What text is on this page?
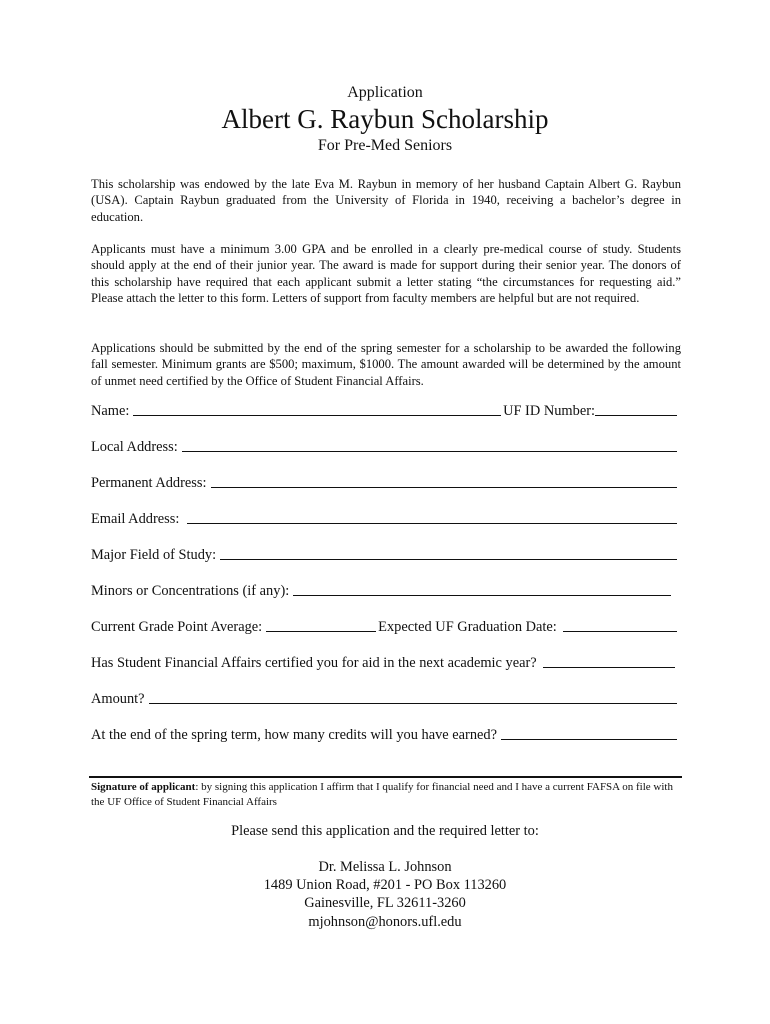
Application
Albert G. Raybun Scholarship
For Pre-Med Seniors

This scholarship was endowed by the late Eva M. Raybun in memory of her husband Captain Albert G. Raybun (USA). Captain Raybun graduated from the University of Florida in 1940, receiving a bachelor’s degree in education.

Applicants must have a minimum 3.00 GPA and be enrolled in a clearly pre-medical course of study. Students should apply at the end of their junior year. The award is made for support during their senior year. The donors of this scholarship have required that each applicant submit a letter stating “the circumstances for requesting aid.” Please attach the letter to this form. Letters of support from faculty members are helpful but are not required.

Applications should be submitted by the end of the spring semester for a scholarship to be awarded the following fall semester. Minimum grants are $500; maximum, $1000. The amount awarded will be determined by the amount of unmet need certified by the Office of Student Financial Affairs.

Name:	UF ID Number:
Local Address:
Permanent Address:
Email Address:
Major Field of Study:
Minors or Concentrations (if any):
Current Grade Point Average:	Expected UF Graduation Date:
Has Student Financial Affairs certified you for aid in the next academic year?
Amount?
At the end of the spring term, how many credits will you have earned?

Signature of applicant: by signing this application I affirm that I qualify for financial need and I have a current FAFSA on file with the UF Office of Student Financial Affairs

Please send this application and the required letter to:
Dr. Melissa L. Johnson
1489 Union Road, #201 - PO Box 113260
Gainesville, FL 32611-3260
mjohnson@honors.ufl.edu
